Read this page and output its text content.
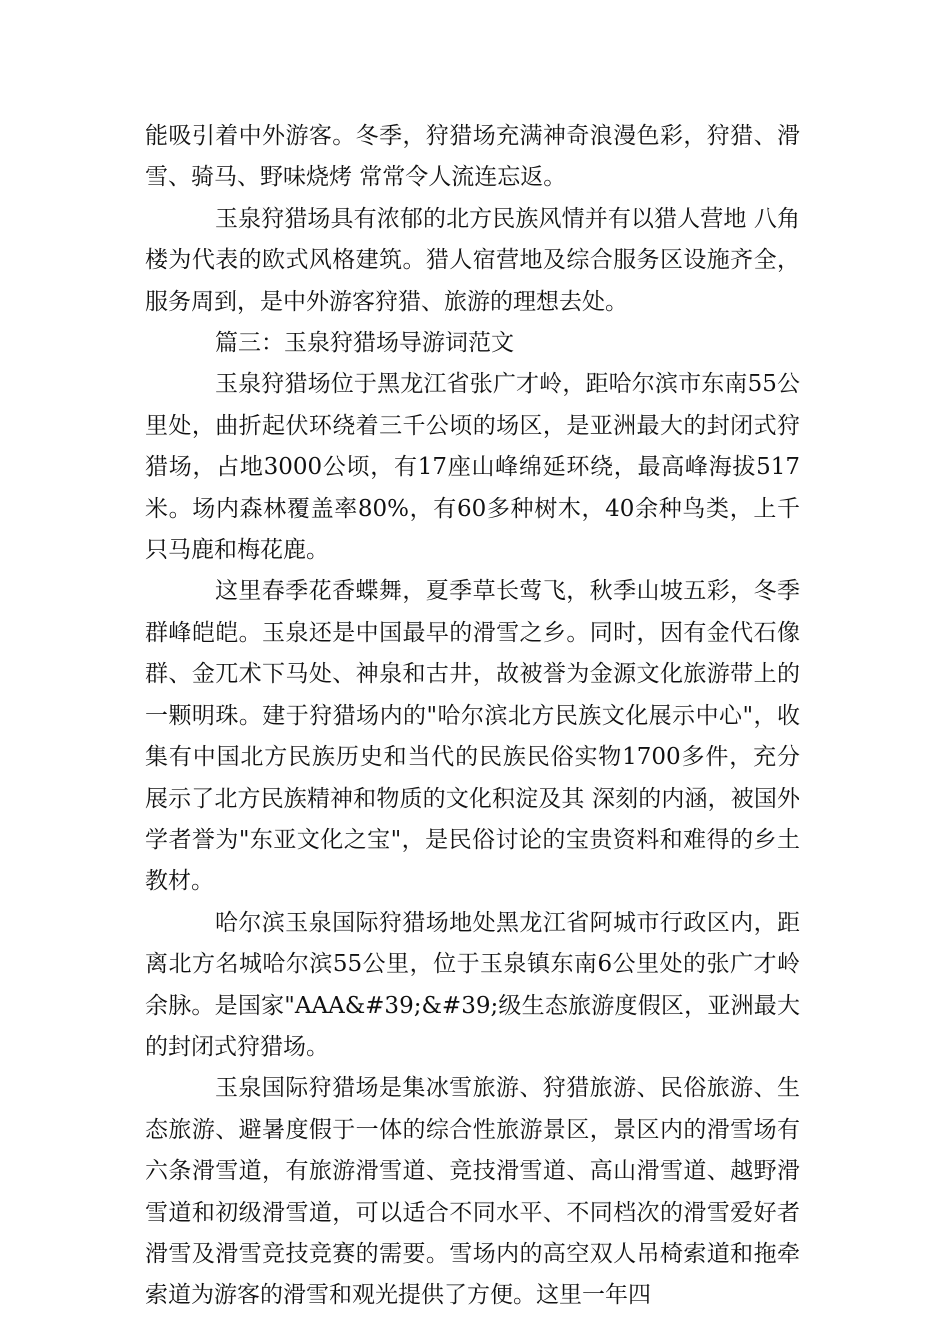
能吸引着中外游客。冬季，狩猎场充满神奇浪漫色彩，狩猎、滑雪、骑马、野味烧烤 常常令人流连忘返。

玉泉狩猎场具有浓郁的北方民族风情并有以猎人营地 八角楼为代表的欧式风格建筑。猎人宿营地及综合服务区设施齐全，服务周到，是中外游客狩猎、旅游的理想去处。

篇三：玉泉狩猎场导游词范文

玉泉狩猎场位于黑龙江省张广才岭，距哈尔滨市东南55公里处，曲折起伏环绕着三千公顷的场区，是亚洲最大的封闭式狩猎场，占地3000公顷，有17座山峰绵延环绕，最高峰海拔517米。场内森林覆盖率80%，有60多种树木，40余种鸟类，上千只马鹿和梅花鹿。

这里春季花香蝶舞，夏季草长莺飞，秋季山坡五彩，冬季群峰皑皑。玉泉还是中国最早的滑雪之乡。同时，因有金代石像群、金兀术下马处、神泉和古井，故被誉为金源文化旅游带上的一颗明珠。建于狩猎场内的"哈尔滨北方民族文化展示中心"，收集有中国北方民族历史和当代的民族民俗实物1700多件，充分展示了北方民族精神和物质的文化积淀及其 深刻的内涵，被国外学者誉为"东亚文化之宝"，是民俗讨论的宝贵资料和难得的乡土教材。

哈尔滨玉泉国际狩猎场地处黑龙江省阿城市行政区内，距离北方名城哈尔滨55公里，位于玉泉镇东南6公里处的张广才岭余脉。是国家"AAA&#39;&#39;级生态旅游度假区，亚洲最大的封闭式狩猎场。

玉泉国际狩猎场是集冰雪旅游、狩猎旅游、民俗旅游、生态旅游、避暑度假于一体的综合性旅游景区，景区内的滑雪场有六条滑雪道，有旅游滑雪道、竞技滑雪道、高山滑雪道、越野滑雪道和初级滑雪道，可以适合不同水平、不同档次的滑雪爱好者滑雪及滑雪竞技竞赛的需要。雪场内的高空双人吊椅索道和拖牵索道为游客的滑雪和观光提供了方便。这里一年四
